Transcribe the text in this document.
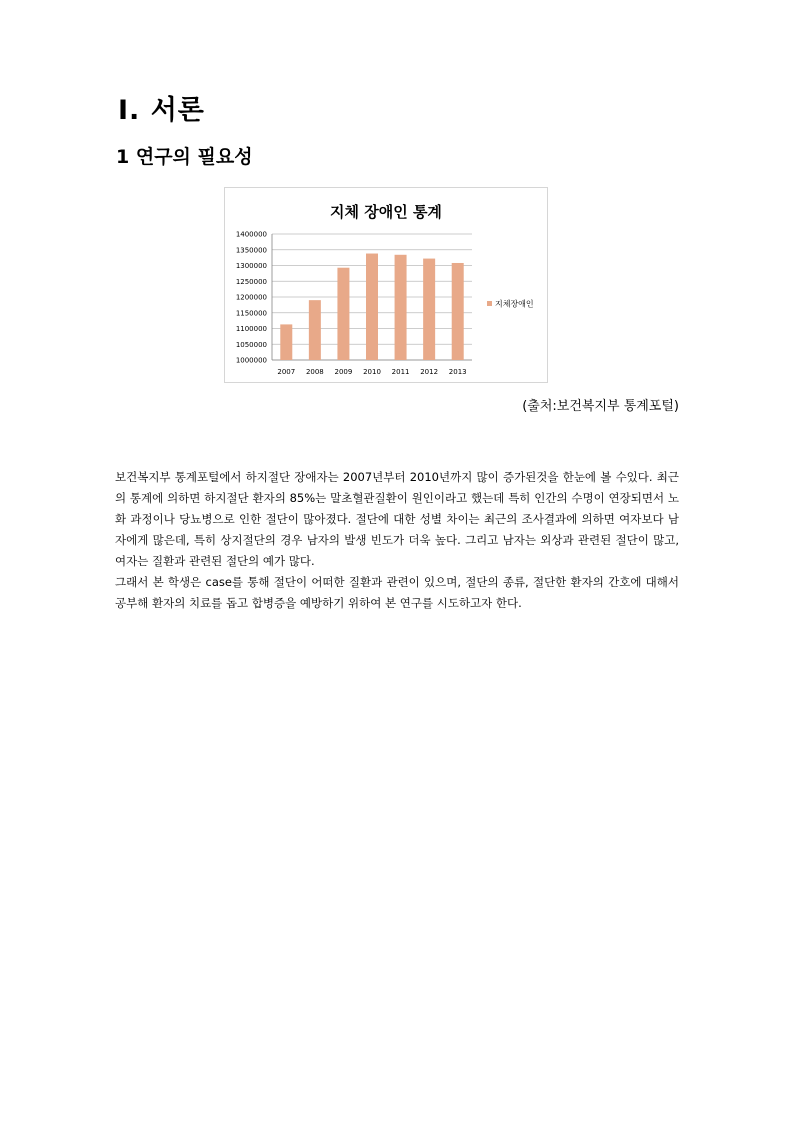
Ⅰ. 서론
1 연구의 필요성
지체 장애인 통계
1000000
1050000
1100000
1150000
1200000
1250000
1300000
1350000
1400000
2007 2008 2009 2010 2011 2012 2013
지체장애인
(출처:보건복지부 통계포털)

보건복지부 통계포털에서 하지절단 장애자는 2007년부터 2010년까지 많이 증가된것을 한눈에 볼 수있다. 최근의 통계에 의하면 하지절단 환자의 85%는 말초혈관질환이 원인이라고 했는데 특히 인간의 수명이 연장되면서 노화 과정이나 당뇨병으로 인한 절단이 많아졌다. 절단에 대한 성별 차이는 최근의 조사결과에 의하면 여자보다 남자에게 많은데, 특히 상지절단의 경우 남자의 발생 빈도가 더욱 높다. 그리고 남자는 외상과 관련된 절단이 많고, 여자는 질환과 관련된 절단의 예가 많다.

그래서 본 학생은 case를 통해 절단이 어떠한 질환과 관련이 있으며, 절단의 종류, 절단한 환자의 간호에 대해서 공부해 환자의 치료를 돕고 합병증을 예방하기 위하여 본 연구를 시도하고자 한다.
